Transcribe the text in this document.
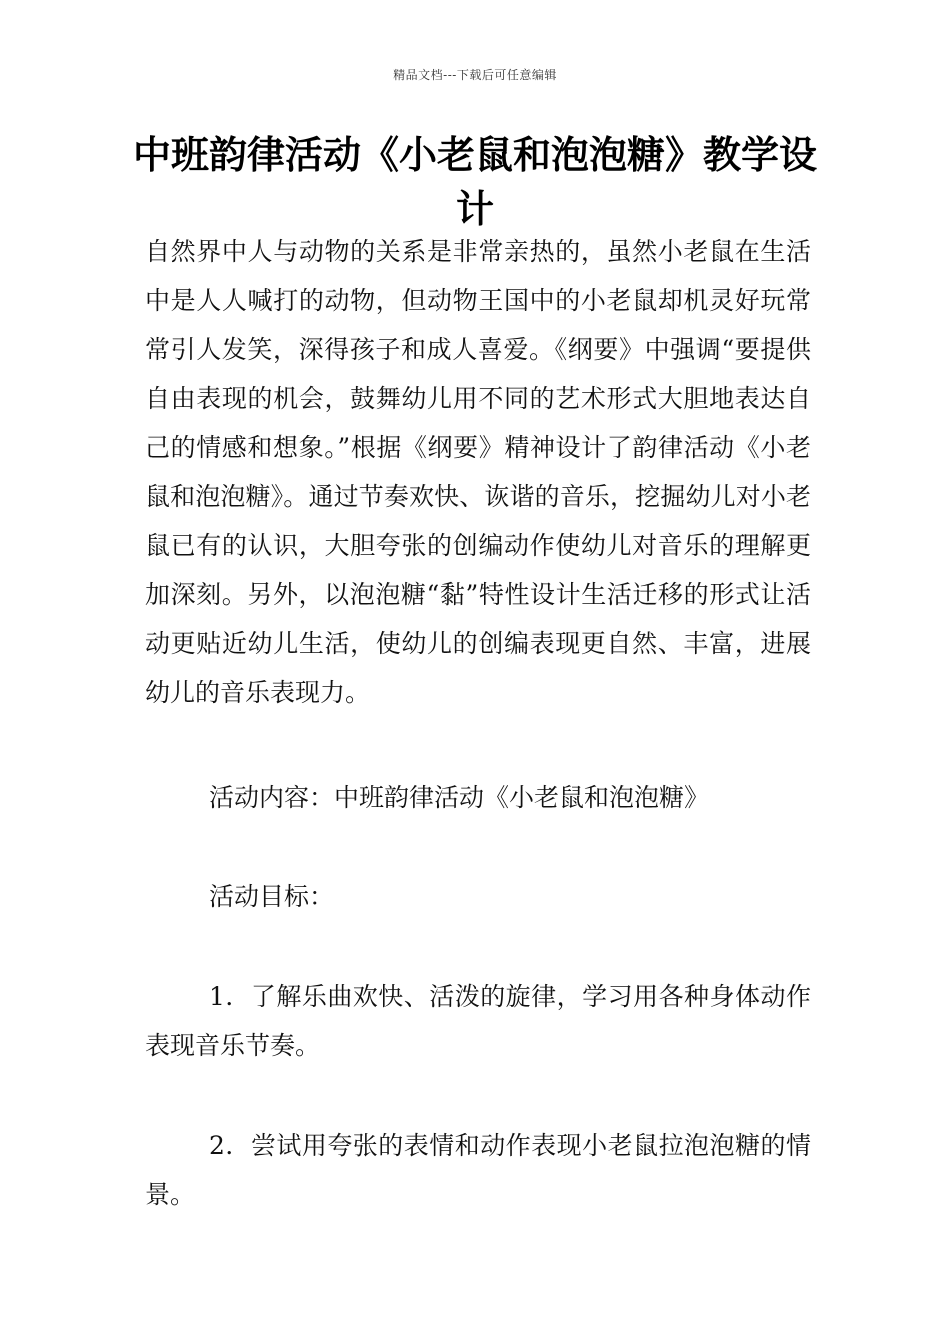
精品文档---下载后可任意编辑
中班韵律活动《小老鼠和泡泡糖》教学设计

自然界中人与动物的关系是非常亲热的，虽然小老鼠在生活中是人人喊打的动物，但动物王国中的小老鼠却机灵好玩常常引人发笑，深得孩子和成人喜爱。《纲要》中强调“要提供自由表现的机会，鼓舞幼儿用不同的艺术形式大胆地表达自己的情感和想象。”根据《纲要》精神设计了韵律活动《小老鼠和泡泡糖》。通过节奏欢快、诙谐的音乐，挖掘幼儿对小老鼠已有的认识，大胆夸张的创编动作使幼儿对音乐的理解更加深刻。另外，以泡泡糖“黏”特性设计生活迁移的形式让活动更贴近幼儿生活，使幼儿的创编表现更自然、丰富，进展幼儿的音乐表现力。

活动内容：中班韵律活动《小老鼠和泡泡糖》

活动目标：

1．了解乐曲欢快、活泼的旋律，学习用各种身体动作表现音乐节奏。

2．尝试用夸张的表情和动作表现小老鼠拉泡泡糖的情景。
